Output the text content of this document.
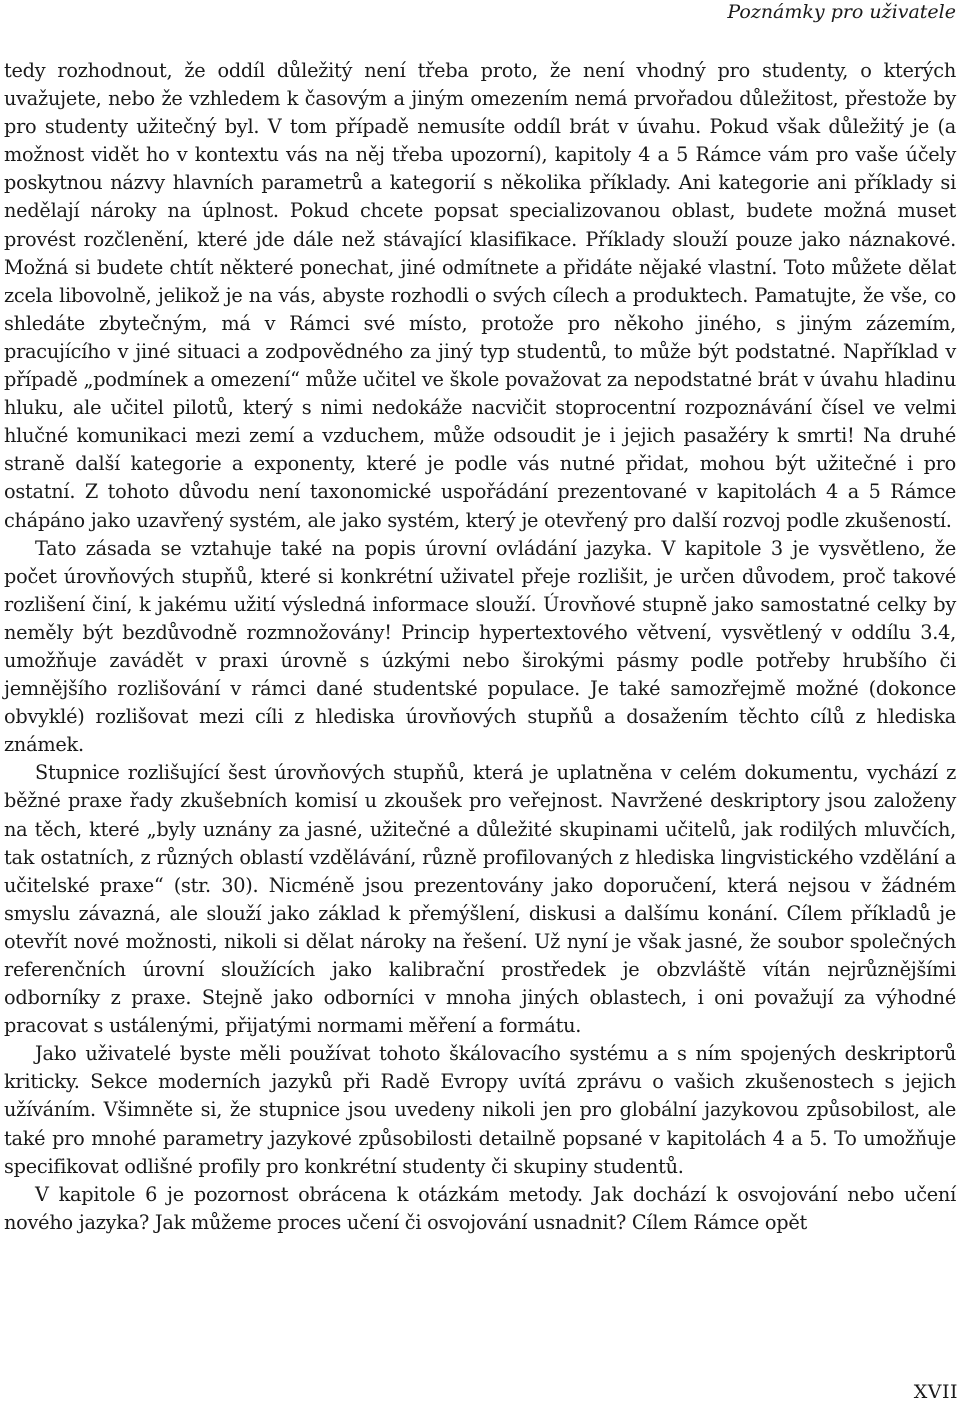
Poznámky pro uživatele

tedy rozhodnout, že oddíl důležitý není třeba proto, že není vhodný pro studenty, o kterých uvažujete, nebo že vzhledem k časovým a jiným omezením nemá prvořadou důležitost, přestože by pro studenty užitečný byl. V tom případě nemusíte oddíl brát v úvahu. Pokud však důležitý je (a možnost vidět ho v kontextu vás na něj třeba upozorní), kapitoly 4 a 5 Rámce vám pro vaše účely poskytnou názvy hlavních parametrů a kategorií s několika příklady. Ani kategorie ani příklady si nedělají nároky na úplnost. Pokud chcete popsat specializovanou oblast, budete možná muset provést rozčlenění, které jde dále než stávající klasifikace. Příklady slouží pouze jako náznakové. Možná si budete chtít některé ponechat, jiné odmítnete a přidáte nějaké vlastní. Toto můžete dělat zcela libovolně, jelikož je na vás, abyste rozhodli o svých cílech a produktech. Pamatujte, že vše, co shledáte zbytečným, má v Rámci své místo, protože pro někoho jiného, s jiným zázemím, pracujícího v jiné situaci a zodpovědného za jiný typ studentů, to může být podstatné. Například v případě „podmínek a omezení“ může učitel ve škole považovat za nepodstatné brát v úvahu hladinu hluku, ale učitel pilotů, který s nimi nedokáže nacvičit stoprocentní rozpoznávání čísel ve velmi hlučné komunikaci mezi zemí a vzduchem, může odsoudit je i jejich pasažéry k smrti! Na druhé straně další kategorie a exponenty, které je podle vás nutné přidat, mohou být užitečné i pro ostatní. Z tohoto důvodu není taxonomické uspořádání prezentované v kapitolách 4 a 5 Rámce chápáno jako uzavřený systém, ale jako systém, který je otevřený pro další rozvoj podle zkušeností.

Tato zásada se vztahuje také na popis úrovní ovládání jazyka. V kapitole 3 je vysvětleno, že počet úrovňových stupňů, které si konkrétní uživatel přeje rozlišit, je určen důvodem, proč takové rozlišení činí, k jakému užití výsledná informace slouží. Úrovňové stupně jako samostatné celky by neměly být bezdůvodně rozmnožovány! Princip hypertextového větvení, vysvětlený v oddílu 3.4, umožňuje zavádět v praxi úrovně s úzkými nebo širokými pásmy podle potřeby hrubšího či jemnějšího rozlišování v rámci dané studentské populace. Je také samozřejmě možné (dokonce obvyklé) rozlišovat mezi cíli z hlediska úrovňových stupňů a dosažením těchto cílů z hlediska známek.

Stupnice rozlišující šest úrovňových stupňů, která je uplatněna v celém dokumentu, vychází z běžné praxe řady zkušebních komisí u zkoušek pro veřejnost. Navržené deskriptory jsou založeny na těch, které „byly uznány za jasné, užitečné a důležité skupinami učitelů, jak rodilých mluvčích, tak ostatních, z různých oblastí vzdělávání, různě profilovaných z hlediska lingvistického vzdělání a učitelské praxe“ (str. 30). Nicméně jsou prezentovány jako doporučení, která nejsou v žádném smyslu závazná, ale slouží jako základ k přemýšlení, diskusi a dalšímu konání. Cílem příkladů je otevřít nové možnosti, nikoli si dělat nároky na řešení. Už nyní je však jasné, že soubor společných referenčních úrovní sloužících jako kalibrační prostředek je obzvláště vítán nejrůznějšími odborníky z praxe. Stejně jako odborníci v mnoha jiných oblastech, i oni považují za výhodné pracovat s ustálenými, přijatými normami měření a formátu.

Jako uživatelé byste měli používat tohoto škálovacího systému a s ním spojených deskriptorů kriticky. Sekce moderních jazyků při Radě Evropy uvítá zprávu o vašich zkušenostech s jejich užíváním. Všimněte si, že stupnice jsou uvedeny nikoli jen pro globální jazykovou způsobilost, ale také pro mnohé parametry jazykové způsobilosti detailně popsané v kapitolách 4 a 5. To umožňuje specifikovat odlišné profily pro konkrétní studenty či skupiny studentů.

V kapitole 6 je pozornost obrácena k otázkám metody. Jak dochází k osvojování nebo učení nového jazyka? Jak můžeme proces učení či osvojování usnadnit? Cílem Rámce opět

XVII
